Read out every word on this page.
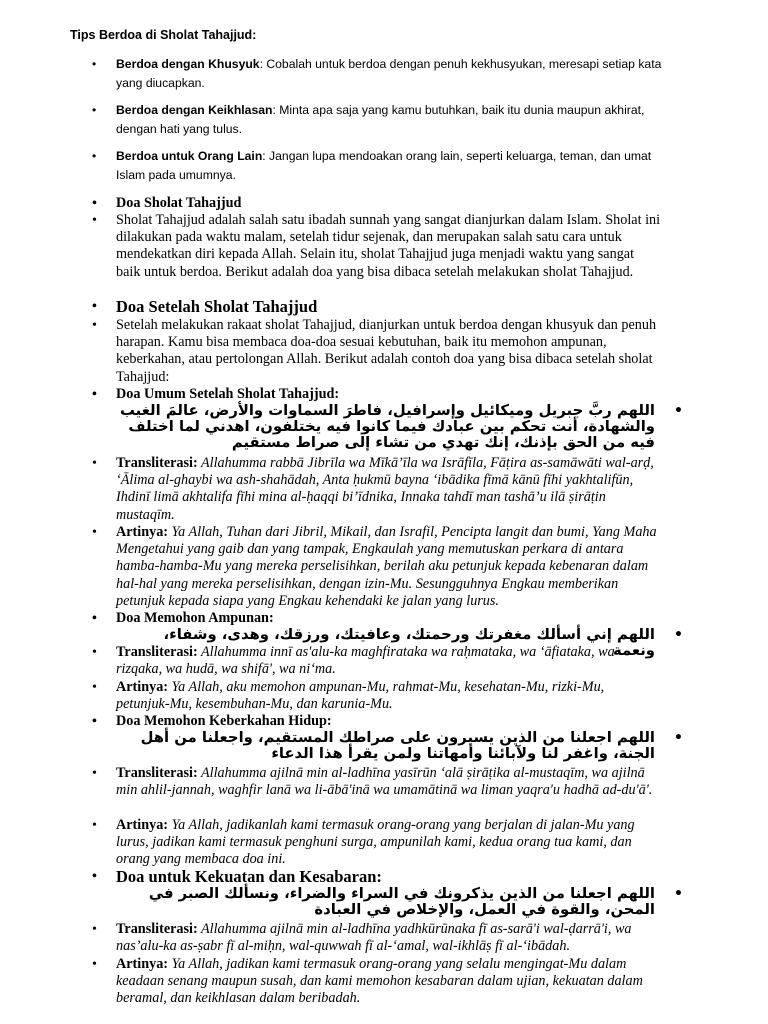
Tips Berdoa di Sholat Tahajjud:
• Berdoa dengan Khusyuk: Cobalah untuk berdoa dengan penuh kekhusyukan, meresapi setiap kata yang diucapkan.
• Berdoa dengan Keikhlasan: Minta apa saja yang kamu butuhkan, baik itu dunia maupun akhirat, dengan hati yang tulus.
• Berdoa untuk Orang Lain: Jangan lupa mendoakan orang lain, seperti keluarga, teman, dan umat Islam pada umumnya.
• Doa Sholat Tahajjud
• Sholat Tahajjud adalah salah satu ibadah sunnah yang sangat dianjurkan dalam Islam. Sholat ini dilakukan pada waktu malam, setelah tidur sejenak, dan merupakan salah satu cara untuk mendekatkan diri kepada Allah. Selain itu, sholat Tahajjud juga menjadi waktu yang sangat baik untuk berdoa. Berikut adalah doa yang bisa dibaca setelah melakukan sholat Tahajjud.
• Doa Setelah Sholat Tahajjud
• Setelah melakukan rakaat sholat Tahajjud, dianjurkan untuk berdoa dengan khusyuk dan penuh harapan. Kamu bisa membaca doa-doa sesuai kebutuhan, baik itu memohon ampunan, keberkahan, atau pertolongan Allah. Berikut adalah contoh doa yang bisa dibaca setelah sholat Tahajjud:
• Doa Umum Setelah Sholat Tahajjud:
•
اللهم ربَّ جبريل وميكائيل وإسرافيل، فاطرَ السماوات والأرض، عالمَ الغيب والشهادة، أنت تحكم بين عبادك فيما كانوا فيه يختلفون، اهدني لما اختلف فيه من الحق بإذنك، إنك تهدي من تشاء إلى صراط مستقيم
• Transliterasi: Allahumma rabbā Jibrīla wa Mīkā’īla wa Isrāfīla, Fāṭira as-samāwāti wal-arḍ, ‘Ālima al-ghaybi wa ash-shahādah, Anta ḥukmū bayna ‘ibādika fīmā kānū fīhi yakhtalifūn, Ihdinī limā akhtalifa fīhi mina al-ḥaqqi bi’īdnika, Innaka tahdī man tashā’u ilā ṣirāṭin mustaqīm.
• Artinya: Ya Allah, Tuhan dari Jibril, Mikail, dan Israfil, Pencipta langit dan bumi, Yang Maha Mengetahui yang gaib dan yang tampak, Engkaulah yang memutuskan perkara di antara hamba-hamba-Mu yang mereka perselisihkan, berilah aku petunjuk kepada kebenaran dalam hal-hal yang mereka perselisihkan, dengan izin-Mu. Sesungguhnya Engkau memberikan petunjuk kepada siapa yang Engkau kehendaki ke jalan yang lurus.
• Doa Memohon Ampunan:
•
اللهم إني أسألك مغفرتك ورحمتك، وعافيتك، ورزقك، وهدى، وشفاء، ونعمة
• Transliterasi: Allahumma innī as'alu-ka maghfirataka wa raḥmataka, wa ‘āfiataka, wa rizqaka, wa hudā, wa shifā', wa ni‘ma.
• Artinya: Ya Allah, aku memohon ampunan-Mu, rahmat-Mu, kesehatan-Mu, rizki-Mu, petunjuk-Mu, kesembuhan-Mu, dan karunia-Mu.
• Doa Memohon Keberkahan Hidup:
•
اللهم اجعلنا من الذين يسيرون على صراطك المستقيم، واجعلنا من أهل الجنة، واغفر لنا ولآبائنا وأمهاتنا ولمن يقرأ هذا الدعاء
• Transliterasi: Allahumma ajilnā min al-ladhīna yasīrūn ‘alā ṣirāṭika al-mustaqīm, wa ajilnā min ahlil-jannah, waghfir lanā wa li-ābā'inā wa umamātinā wa liman yaqra'u hadhā ad-du'ā'.
• Artinya: Ya Allah, jadikanlah kami termasuk orang-orang yang berjalan di jalan-Mu yang lurus, jadikan kami termasuk penghuni surga, ampunilah kami, kedua orang tua kami, dan orang yang membaca doa ini.
• Doa untuk Kekuatan dan Kesabaran:
•
اللهم اجعلنا من الذين يذكرونك في السراء والضراء، ونسألك الصبر في المحن، والقوة في العمل، والإخلاص في العبادة
• Transliterasi: Allahumma ajilnā min al-ladhīna yadhkūrūnaka fī as-sarā'i wal-ḍarrā'i, wa nas’alu-ka as-ṣabr fī al-miḥn, wal-quwwah fī al-‘amal, wal-ikhlāṣ fī al-‘ibādah.
• Artinya: Ya Allah, jadikan kami termasuk orang-orang yang selalu mengingat-Mu dalam keadaan senang maupun susah, dan kami memohon kesabaran dalam ujian, kekuatan dalam beramal, dan keikhlasan dalam beribadah.
